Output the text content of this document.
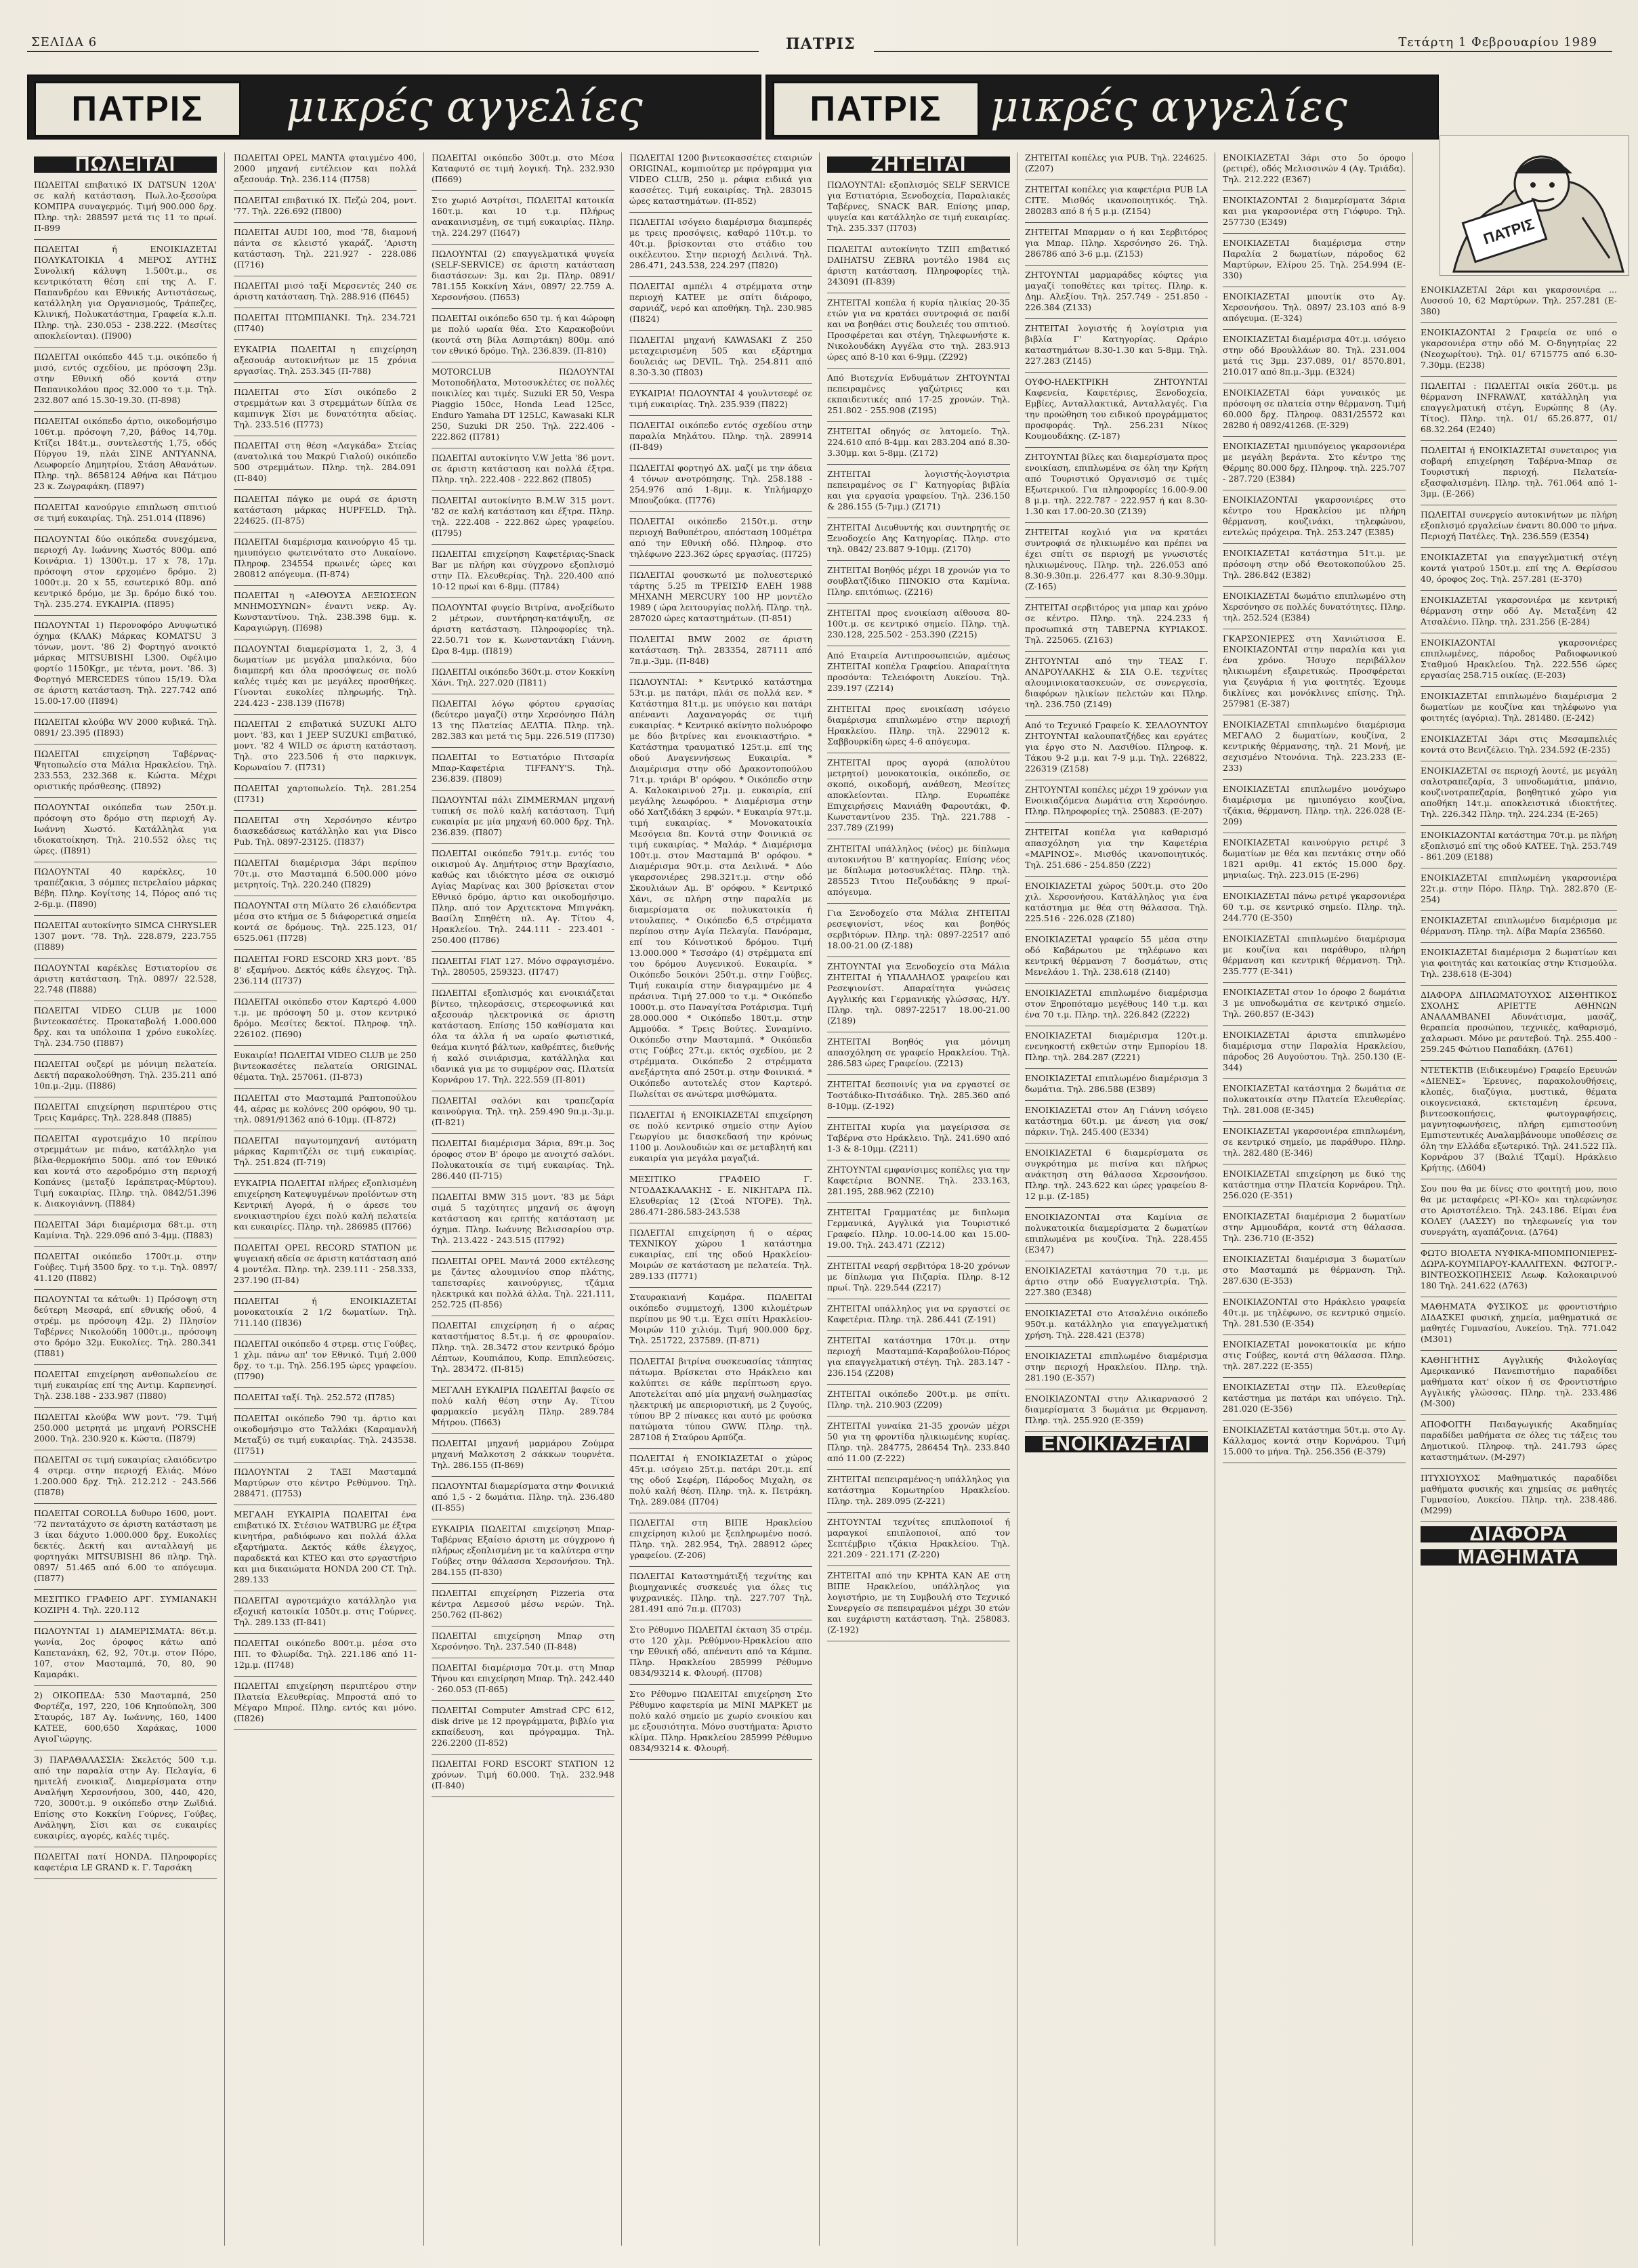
ΣΕΛΙΔΑ 6	ΠΑΤΡΙΣ	Τετάρτη 1 Φεβρουαρίου 1989
ΠΑΤΡΙΣ	μικρές αγγελίες	ΠΑΤΡΙΣ	μικρές αγγελίες
ΠΑΤΡΙΣ
ΠΩΛΕΙΤΑΙ

ΠΩΛΕΙΤΑΙ επιβατικό ΙΧ DATSUN 120A' σε καλή κατάσταση. Πωλ.λο-ξεσούρα ΚΟΜΠΡΑ συναγερμός. Τιμή 900.000 δρχ. Πληρ. τηλ: 288597 μετά τις 11 το πρωί. Π-899

ΠΩΛΕΙΤΑΙ ή ΕΝΟΙΚΙΑΖΕΤΑΙ ΠΟΛΥΚΑΤΟΙΚΙΑ 4 ΜΕΡΟΣ ΑΥΤΗΣ Συνολική κάλυψη 1.500τ.μ., σε κεντρικότατη θέση επί της Λ. Γ. Παπανδρέου και Εθνικής Αντιστάσεως, κατάλληλη για Οργανισμούς, Τράπεζες, Κλινική, Πολυκατάστημα, Γραφεία κ.λ.π. Πληρ. τηλ. 230.053 - 238.222. (Μεσίτες αποκλείονται). (Π900)

ΠΩΛΕΙΤΑΙ οικόπεδο 445 τ.μ. οικόπεδο ή μισό, εντός σχεδίου, με πρόσοψη 23μ. στην Εθνική οδό κοντά στην Παπανικολάου προς 32.000 το τ.μ. Τηλ. 232.807 από 15.30-19.30. (Π-898)

ΠΩΛΕΙΤΑΙ οικόπεδο άρτιο, οικοδομήσιμο 106τ.μ. πρόσοψη 7,20, βάθος 14,70μ. Κτίζει 184τ.μ., συντελεστής 1,75, οδός Πύργου 19, πλάι ΣΙΝΕ ΑΝΤΥΑΝΝΑ, Λεωφορείο Δημητρίου, Στάση Αθανάτων. Πληρ. τηλ. 8658124 Αθήνα και Πάτμου 23 κ. Ζωγραφάκη. (Π897)

ΠΩΛΕΙΤΑΙ κανούργιο επιπλωση σπιτιού σε τιμή ευκαιρίας. Τηλ. 251.014 (Π896)

ΠΩΛΟΥΝΤΑΙ δύο οικόπεδα συνεχόμενα, περιοχή Αγ. Ιωάννης Χωστός 800μ. από Κοινάρια. 1) 1300τ.μ. 17 x 78, 17μ. πρόσοψη στον ερχομένο δρόμο. 2) 1000τ.μ. 20 x 55, εσωτερικό 80μ. από κεντρικό δρόμο, με 3μ. δρόμο δικό του. Τηλ. 235.274. ΕΥΚΑΙΡΙΑ. (Π895)

ΠΩΛΟΥΝΤΑΙ 1) Περονοφόρο Ανυψωτικό όχημα (ΚΛΑΚ) Μάρκας KOMATSU 3 τόνων, μοντ. '86 2) Φορτηγό ανοικτό μάρκας MITSUBISHI L300. Οφέλιμο φορτίο 1150Kgr., με τέντα, μοντ. '86. 3) Φορτηγό MERCEDES τύπου 15/19. Όλα σε άριστη κατάσταση. Τηλ. 227.742 από 15.00-17.00 (Π894)

ΠΩΛΕΙΤΑΙ κλούβα WV 2000 κυβικά. Τηλ. 0891/ 23.395 (Π893)

ΠΩΛΕΙΤΑΙ επιχείρηση Ταβέρνας-Ψητοπωλείο στα Μάλια Ηρακλείου. Τηλ. 233.553, 232.368 κ. Κώστα. Μέχρι οριστικής πρόσθεσης. (Π892)

ΠΩΛΟΥΝΤΑΙ οικόπεδα των 250τ.μ. πρόσοψη στο δρόμο στη περιοχή Αγ. Ιωάννη Χωστό. Κατάλληλα για ιδιοκατοίκηση. Τηλ. 210.552 όλες τις ώρες. (Π891)

ΠΩΛΟΥΝΤΑΙ 40 καρέκλες, 10 τραπέζακια, 3 σόμπες πετρελαίου μάρκας Βέβη. Πληρ. Κογίτσης 14, Πόρος από τις 2-6μ.μ. (Π890)

ΠΩΛΕΙΤΑΙ αυτοκίνητο SIMCA CHRYSLER 1307 μοντ. '78. Τηλ. 228.879, 223.755 (Π889)

ΠΩΛΟΥΝΤΑΙ καρέκλες Εστιατορίου σε άριστη κατάσταση. Τηλ. 0897/ 22.528, 22.748 (Π888)

ΠΩΛΕΙΤΑΙ VIDEO CLUB με 1000 βιντεοκασέτες. Προκαταβολή 1.000.000 δρχ. και τα υπόλοιπα 1 χρόνο ευκολίες. Τηλ. 234.750 (Π887)

ΠΩΛΕΙΤΑΙ ουζερί με μόνιμη πελατεία. Δεκτή παρακολούθηση. Τηλ. 235.211 από 10π.μ.-2μμ. (Π886)

ΠΩΛΕΙΤΑΙ επιχείρηση περιπτέρου στις Τρεις Καμάρες. Τηλ. 228.848 (Π885)

ΠΩΛΕΙΤΑΙ αγροτεμάχιο 10 περίπου στρεμμάτων με πιάνο, κατάλληλο για βίλα-θερμοκήπιο 500μ. από τον Εθνικό και κοντά στο αεροδρόμιο στη περιοχή Κοπάνες (μεταξύ Ιεράπετρας-Μύρτου). Τιμή ευκαιρίας. Πληρ. τηλ. 0842/51.396 κ. Διακογιάννη. (Π884)

ΠΩΛΕΙΤΑΙ 3άρι διαμέρισμα 68τ.μ. στη Καμίνια. Τηλ. 229.096 από 3-4μμ. (Π883)

ΠΩΛΕΙΤΑΙ οικόπεδο 1700τ.μ. στην Γούβες. Τιμή 3500 δρχ. το τ.μ. Τηλ. 0897/ 41.120 (Π882)

ΠΩΛΟΥΝΤΑΙ τα κάτωθι: 1) Πρόσοψη στη δεύτερη Μεσαρά, επί εθνικής οδού, 4 στρέμ. με πρόσοψη 42μ. 2) Πλησίον Ταβέρνες Νικολούδη 1000τ.μ., πρόσοψη στο δρόμο 32μ. Ευκολίες. Τηλ. 280.341 (Π881)

ΠΩΛΕΙΤΑΙ επιχείρηση ανθοπωλείου σε τιμή ευκαιρίας επί της Αντιμ. Καρπενησί. Τηλ. 238.188 - 233.987 (Π880)

ΠΩΛΕΙΤΑΙ κλούβα WW μοντ. '79. Τιμή 250.000 μετρητά με μηχανή PORSCHE 2000. Τηλ. 230.920 κ. Κώστα. (Π879)

ΠΩΛΕΙΤΑΙ σε τιμή ευκαιρίας ελαιόδεντρο 4 στρεμ. στην περιοχή Ελιάς. Μόνο 1.200.000 δρχ. Τηλ. 212.212 - 243.566 (Π878)

ΠΩΛΕΙΤΑΙ COROLLA δυθυρο 1600, μοντ. '72 πεντατάχυτο σε άριστη κατάσταση με 3 ίκαι δάχυτο 1.000.000 δρχ. Ευκολίες δεκτές. Δεκτή και ανταλλαγή με φορτηγάκι MITSUBISHI 86 πληρ. Τηλ. 0897/ 51.465 από 6.00 το απόγευμα. (Π877)

ΜΕΣΙΤΙΚΟ ΓΡΑΦΕΙΟ ΑΡΓ. ΣΥΜΙΑΝΑΚΗ ΚΟΖΙΡΗ 4. Τηλ. 220.112

ΠΩΛΟΥΝΤΑΙ 1) ΔΙΑΜΕΡΙΣΜΑΤΑ: 86τ.μ. γωνία, 2ος όροφος κάτω από Καπετανάκη, 62, 92, 70τ.μ. στον Πόρο, 107, στον Μασταμπά, 70, 80, 90 Καμαράκι.

2) ΟΙΚΟΠΕΔΑ: 530 Μασταμπά, 250 Φορτέζα, 197, 220, 106 Κηπούπολη, 300 Σταυρός, 187 Αγ. Ιωάννης, 160, 1400 ΚΑΤΕΕ, 600,650 Χαράκας, 1000 ΑγιοΓιώργης.

3) ΠΑΡΑΘΑΛΑΣΣΙΑ: Σκελετός 500 τ.μ. από την παραλία στην Αγ. Πελαγία, 6 ημιτελή ενοικιαζ. Διαμερίσματα στην Αναλήψη Χερσονήσου, 300, 440, 420, 720, 3000τ.μ. 9 οικόπεδο στην Ζωϊδιά. Επίσης στο Κοκκίνη Γούρνες, Γούβες, Ανάληψη, Σίσι και σε ευκαιρίες ευκαιρίες, αγορές, καλές τιμές.

ΠΩΛΕΙΤΑΙ πατί HONDA. Πληροφορίες καφετέρια LE GRAND κ. Γ. Ταρσάκη

ΠΩΛΕΙΤΑΙ OPEL ΜΑΝΤΑ φταιγμένο 400, 2000 μηχανή εντέλειον και πολλά αξεσουάρ. Τηλ. 236.114 (Π758)

ΠΩΛΕΙΤΑΙ επιβατικό ΙΧ. Πεζώ 204, μοντ. '77. Τηλ. 226.692 (Π800)

ΠΩΛΕΙΤΑΙ AUDI 100, mod '78, διαμονή πάντα σε κλειστό γκαράζ. 'Αριστη κατάσταση. Τηλ. 221.927 - 228.086 (Π716)

ΠΩΛΕΙΤΑΙ μισό ταξί Μερσεντές 240 σε άριστη κατάσταση. Τηλ. 288.916 (Π645)

ΠΩΛΕΙΤΑΙ ΠΤΩΜΠΙΑΝΚΙ. Τηλ. 234.721 (Π740)

ΕΥΚΑΙΡΙΑ ΠΩΛΕΙΤΑΙ η επιχείρηση αξεσουάρ αυτοκινήτων με 15 χρόνια εργασίας. Τηλ. 253.345 (Π-788)

ΠΩΛΕΙΤΑΙ στο Σίσι οικόπεδο 2 στρεμμάτων και 3 στρεμμάτων δίπλα σε καμπινγκ Σίσι με δυνατότητα αδείας. Τηλ. 233.516 (Π773)

ΠΩΛΕΙΤΑΙ στη θέση «Λαγκάδα» Στείας (ανατολικά του Μακρύ Γιαλού) οικόπεδο 500 στρεμμάτων. Πληρ. τηλ. 284.091 (Π-840)

ΠΩΛΕΙΤΑΙ πάγκο με ουρά σε άριστη κατάσταση μάρκας HUPFELD. Τηλ. 224625. (Π-875)

ΠΩΛΕΙΤΑΙ διαμέρισμα καινούργιο 45 τμ. ημιυπόγειο φωτεινότατο στο Λυκαίονο. Πληροφ. 234554 πρωινές ώρες και 280812 απόγευμα. (Π-874)

ΠΩΛΕΙΤΑΙ η «ΑΙΘΟΥΣΑ ΔΕΞΙΩΣΕΩΝ ΜΝΗΜΟΣΥΝΩΝ» έναντι νεκρ. Αγ. Κωνσταντίνου. Τηλ. 238.398 6μμ. κ. Καραγιώργη. (Π698)

ΠΩΛΟΥΝΤΑΙ διαμερίσματα 1, 2, 3, 4 δωματίων με μεγάλα μπαλκόνια, δύο διαμπερή και όλα προσόψεως σε πολύ καλές τιμές και με μεγάλες προσθήκες. Γίνονται ευκολίες πληρωμής. Τηλ. 224.423 - 238.139 (Π678)

ΠΩΛΕΙΤΑΙ 2 επιβατικά SUZUKI ALTO μοντ. '83, και 1 JEEP SUZUKI επιβατικό, μοντ. '82 4 WILD σε άριστη κατάσταση. Τηλ. στο 223.506 ή στο παρκινγκ, Κορωναίου 7. (Π731)

ΠΩΛΕΙΤΑΙ χαρτοπωλείο. Τηλ. 281.254 (Π731)

ΠΩΛΕΙΤΑΙ στη Χερσόνησο κέντρο διασκεδάσεως κατάλληλο και για Disco Pub. Τηλ. 0897-23125. (Π837)

ΠΩΛΕΙΤΑΙ διαμέρισμα 3άρι περίπου 70τ.μ. στο Μασταμπά 6.500.000 μόνο μετρητοίς. Τηλ. 220.240 (Π829)

ΠΩΛΟΥΝΤΑΙ στη Μίλατο 26 ελαιόδεντρα μέσα στο κτήμα σε 5 διάφορετικά σημεία κοντά σε δρόμους. Τηλ. 225.123, 01/ 6525.061 (Π728)

ΠΩΛΕΙΤΑΙ FORD ESCORD XR3 μοντ. '85 8' εξαμήνου. Δεκτός κάθε έλεγχος. Τηλ. 236.114 (Π737)

ΠΩΛΕΙΤΑΙ οικόπεδο στον Καρτερό 4.000 τ.μ. με πρόσοψη 50 μ. στον κεντρικό δρόμο. Μεσίτες δεκτοί. Πληροφ. τηλ. 226102. (Π690)

Ευκαιρία! ΠΩΛΕΙΤΑΙ VIDEO CLUB με 250 βιντεοκασέτες πελατεία ORIGINAL θέματα. Τηλ. 257061. (Π-873)

ΠΩΛΕΙΤΑΙ στο Μασταμπά Ραπτοπούλου 44, αέρας με κολόνες 200 ορόφου, 90 τμ. τηλ. 0891/91362 από 6-10μμ. (Π-872)

ΠΩΛΕΙΤΑΙ παγωτομηχανή αυτόματη μάρκας Καρπιτζέλι σε τιμή ευκαιρίας. Τηλ. 251.824 (Π-719)

ΕΥΚΑΙΡΙΑ ΠΩΛΕΙΤΑΙ πλήρες εξοπλισμένη επιχείρηση Κατεψυγμένων προϊόντων στη Κεντρική Αγορά, ή ο άρεσε του ενοικιαστηρίου έχει πολύ καλή πελατεία και ευκαιρίες. Πληρ. τηλ. 286985 (Π766)

ΠΩΛΕΙΤΑΙ OPEL RECORD STATION με ψυγειακή αδεία σε άριστη κατάσταση από 4 μοντέλα. Πληρ. τηλ. 239.111 - 258.333, 237.190 (Π-84)

ΠΩΛΕΙΤΑΙ ή ΕΝΟΙΚΙΑΖΕΤΑΙ μονοκατοικία 2 1/2 δωματίων. Τηλ. 711.140 (Π836)

ΠΩΛΕΙΤΑΙ οικόπεδο 4 στρεμ. στις Γούβες, 1 χλμ. πάνω απ' τον Εθνικό. Τιμή 2.000 δρχ. το τ.μ. Τηλ. 256.195 ώρες γραφείου. (Π790)

ΠΩΛΕΙΤΑΙ ταξί. Τηλ. 252.572 (Π785)

ΠΩΛΕΙΤΑΙ οικόπεδο 790 τμ. άρτιο και οικοδομήσιμο στο Ταλλάκι (Καραμανλή Μεταξύ) σε τιμή ευκαιρίας. Τηλ. 243538. (Π751)

ΠΩΛΟΥΝΤΑΙ 2 ΤΑΞΙ Μασταμπά Μαρτύρων στο κέντρο Ρεθύμνου. Τηλ. 288471. (Π753)

ΜΕΓΑΛΗ ΕΥΚΑΙΡΙΑ ΠΩΛΕΙΤΑΙ ένα επιβατικό ΙΧ. Στέσιον WATBURG με έξτρα κινητήρα, ραδιόφωνο και πολλά άλλα εξαρτήματα. Δεκτός κάθε έλεγχος, παραδεκτά και ΚΤΕΟ και στο εργαστήριο και μια δικαιώματα HONDA 200 CT. Τηλ. 289.133

ΠΩΛΕΙΤΑΙ αγροτεμάχιο κατάλληλο για εξοχική κατοικία 1050τ.μ. στις Γούρνες. Τηλ. 289.133 (Π-841)

ΠΩΛΕΙΤΑΙ οικόπεδο 800τ.μ. μέσα στο ΠΠ. το Φλωρίδα. Τηλ. 221.186 από 11-12μ.μ. (Π748)

ΠΩΛΕΙΤΑΙ επιχείρηση περιπτέρου στην Πλατεία Ελευθερίας. Μπροστά από το Μέγαρο Μπροέ. Πληρ. εντός και μόνο. (Π826)

ΠΩΛΕΙΤΑΙ οικόπεδο 300τ.μ. στο Μέσα Καταφυτό σε τιμή λογική. Τηλ. 232.930 (Π669)

Στο χωριό Αστρίτσι, ΠΩΛΕΙΤΑΙ κατοικία 160τ.μ. και 10 τ.μ. Πλήρως ανακαινισμένη, σε τιμή ευκαιρίας. Πληρ. τηλ. 224.297 (Π647)

ΠΩΛΟΥΝΤΑΙ (2) επαγγελματικά ψυγεία (SELF-SERVICE) σε άριστη κατάσταση διαστάσεων: 3μ. και 2μ. Πληρ. 0891/ 781.155 Κοκκίνη Χάνι, 0897/ 22.759 Α. Χερσονήσου. (Π653)

ΠΩΛΕΙΤΑΙ οικόπεδο 650 τμ. ή και 4ώροφη με πολύ ωραία θέα. Στο Καρακοβούνι (κοντά στη βίλα Ασπιρτάκη) 800μ. από τον εθνικό δρόμο. Τηλ. 236.839. (Π-810)

MOTORCLUB ΠΩΛΟΥΝΤΑΙ Μοτοποδήλατα, Μοτοσυκλέτες σε πολλές ποικιλίες και τιμές. Suzuki ER 50, Vespa Piaggio 150cc, Honda Lead 125cc, Enduro Yamaha DT 125LC, Kawasaki KLR 250, Suzuki DR 250. Τηλ. 222.406 - 222.862 (Π781)

ΠΩΛΕΙΤΑΙ αυτοκίνητο V.W Jetta '86 μοντ. σε άριστη κατάσταση και πολλά έξτρα. Πληρ. τηλ. 222.408 - 222.862 (Π805)

ΠΩΛΕΙΤΑΙ αυτοκίνητο B.M.W 315 μοντ. '82 σε καλή κατάσταση και έξτρα. Πληρ. τηλ. 222.408 - 222.862 ώρες γραφείου. (Π795)

ΠΩΛΕΙΤΑΙ επιχείρηση Καφετέριας-Snack Bar με πλήρη και σύγχρονο εξοπλισμό στην Πλ. Ελευθερίας. Τηλ. 220.400 από 10-12 πρωί και 6-8μμ. (Π784)

ΠΩΛΟΥΝΤΑΙ φυγείο Βιτρίνα, ανοξείδωτο 2 μέτρων, συντήρηση-κατάψυξη, σε άριστη κατάσταση. Πληροφορίες τηλ. 22.50.71 τον κ. Κωνσταντάκη Γιάννη. Ώρα 8-4μμ. (Π819)

ΠΩΛΕΙΤΑΙ οικόπεδο 360τ.μ. στον Κοκκίνη Χάνι. Τηλ. 227.020 (Π811)

ΠΩΛΕΙΤΑΙ λόγω φόρτου εργασίας (δεύτερο μαγαζί) στην Χερσόνησο Πάλη 13 της Πλατείας ΔΕΛΤΙΑ. Πληρ. τηλ. 282.383 και μετά τις 5μμ. 226.519 (Π730)

ΠΩΛΕΙΤΑΙ το Εστιατόριο Πιτσαρία Μπαρ-Καφετέρια TIFFANY'S. Τηλ. 236.839. (Π809)

ΠΩΛΟΥΝΤΑΙ πάλι ZIMMERMAN μηχανή τυπική σε πολύ καλή κατάσταση. Τιμή ευκαιρία με μία μηχανή 60.000 δρχ. Τηλ. 236.839. (Π807)

ΠΩΛΕΙΤΑΙ οικόπεδο 791τ.μ. εντός του οικισμού Αγ. Δημήτριος στην Βραχίασιο, καθώς και ιδιόκτητο μέσα σε οικισμό Αγίας Μαρίνας και 300 βρίσκεται στον Εθνικό δρόμο, άρτιο και οικοδομήσιμο. Πληρ. από τον Αρχιτεκτονα Μπιγνάκη. Βασίλη Σπηθέτη πλ. Αγ. Τίτου 4, Ηρακλείου. Τηλ. 244.111 - 223.401 - 250.400 (Π786)

ΠΩΛΕΙΤΑΙ FIAT 127. Μόνο σφραγισμένο. Τηλ. 280505, 259323. (Π747)

ΠΩΛΕΙΤΑΙ εξοπλισμός και ενοικιάζεται βίντεο, τηλεοράσεις, στερεοφωνικά και αξεσουάρ ηλεκτρονικά σε άριστη κατάσταση. Επίσης 150 καθίσματα και όλα τα άλλα ή να ωραίο φωτιστικά, θεάμα κινητό βάλτων, καθρέπτες, διεθνής ή καλό σινιάρισμα, κατάλληλα και ιδανικά για με το συμφέρον σας. Πλατεία Κορνάρου 17. Τηλ. 222.559 (Π-801)

ΠΩΛΕΙΤΑΙ σαλόνι και τραπεζαρία καινούργια. Τηλ. τηλ. 259.490 9π.μ.-3μ.μ. (Π-821)

ΠΩΛΕΙΤΑΙ διαμέρισμα 3άρια, 89τ.μ. 3ος όροφος στον Β' όροφο με ανοιχτό σαλόνι. Πολυκατοικία σε τιμή ευκαιρίας. Τηλ. 286.440 (Π-715)

ΠΩΛΕΙΤΑΙ BMW 315 μοντ. '83 με 5άρι σιμά 5 ταχύτητες μηχανή σε άψογη κατάσταση και ερπτής κατάσταση με όχημα. Πληρ. Ιωάννης Βελισσαρίου στρ. Τηλ. 213.422 - 243.515 (Π792)

ΠΩΛΕΙΤΑΙ OPEL Μαντά 2000 εκτέλεσης με ζάντες αλουμινίου σπορ πλάτης, ταπετσαρίες καινούργιες, τζάμια ηλεκτρικά και πολλά άλλα. Τηλ. 221.111, 252.725 (Π-856)

ΠΩΛΕΙΤΑΙ επιχείρηση ή ο αέρας καταστήματος 8.5τ.μ. ή σε φρουραίον. Πληρ. τηλ. 28.3472 στον κεντρικό δρόμο Λέπτων, Κουπιάπου, Κυπρ. Επιπλεύσεις. Τηλ. 283472. (Π-815)

ΜΕΓΑΛΗ ΕΥΚΑΙΡΙΑ ΠΩΛΕΙΤΑΙ βαφείο σε πολύ καλή θέση στην Αγ. Τίτου φαρμακείο μεγάλη Πληρ. 289.784 Μήτρου. (Π663)

ΠΩΛΕΙΤΑΙ μηχανή μαρμάρου Ζούμρα μηχανή Μαλκοτση 2 σάκκων τουρνέτα. Τηλ. 286.155 (Π-869)

ΠΩΛΟΥΝΤΑΙ διαμερίσματα στην Φοινικιά από 1,5 - 2 δωμάτια. Πληρ. τηλ. 236.480 (Π-855)

ΕΥΚΑΙΡΙΑ ΠΩΛΕΙΤΑΙ επιχείρηση Μπαρ-Ταβέρνας Εξαίσιο άριστη με σύγχρονο ή πλήρως εξοπλισμένη με τα καλύτερα στην Γούβες στην θάλασσα Χερσονήσου. Τηλ. 284.155 (Π-830)

ΠΩΛΕΙΤΑΙ επιχείρηση Pizzeria στα κέντρα Λεμεσού μέσω νερών. Τηλ. 250.762 (Π-862)

ΠΩΛΕΙΤΑΙ επιχείρηση Μπαρ στη Χερσόνησο. Τηλ. 237.540 (Π-848)

ΠΩΛΕΙΤΑΙ διαμέρισμα 70τ.μ. στη Μπαρ Τήνου και επιχείρηση Μπαρ. Τηλ. 242.440 - 260.053 (Π-865)

ΠΩΛΕΙΤΑΙ Computer Amstrad CPC 612, disk drive με 12 προγράμματα, βιβλίο για εκπαίδευση, και πρόγραμμα. Τηλ. 226.2200 (Π-852)

ΠΩΛΕΙΤΑΙ FORD ESCORT STATION 12 χρόνων. Τιμή 60.000. Τηλ. 232.948 (Π-840)

ΠΩΛΕΙΤΑΙ 1200 βιντεοκασσέτες εταιριών ORIGINAL, κομπιούτερ με πρόγραμμα για VIDEO CLUB, 250 μ. ράφια ειδικά για κασσέτες. Τιμή ευκαιρίας. Τηλ. 283015 ώρες καταστημάτων. (Π-852)

ΠΩΛΕΙΤΑΙ ισόγειο διαμέρισμα διαμπερές με τρεις προσόψεις, καθαρό 110τ.μ. το 40τ.μ. βρίσκονται στο στάδιο του οικέλευτου. Στην περιοχή Δειλινά. Τηλ. 286.471, 243.538, 224.297 (Π820)

ΠΩΛΕΙΤΑΙ αμπέλι 4 στρέμματα στην περιοχή ΚΑΤΕΕ με σπίτι διάροφο, σαρνιάζ, νερό και αποθήκη. Τηλ. 230.985 (Π824)

ΠΩΛΕΙΤΑΙ μηχανή KAWASAKI Z 250 μεταχειρισμένη 505 και εξάρτημα δουλειάς ως DEVIL. Τηλ. 254.811 από 8.30-3.30 (Π803)

ΕΥΚΑΙΡΙΑ! ΠΩΛΟΥΝΤΑΙ 4 γουλντσεφέ σε τιμή ευκαιρίας. Τηλ. 235.939 (Π822)

ΠΩΛΕΙΤΑΙ οικόπεδο εντός σχεδίου στην παραλία Μηλάτου. Πληρ. τηλ. 289914 (Π-849)

ΠΩΛΕΙΤΑΙ φορτηγό ΔΧ. μαζί με την άδεια 4 τόνων ανοτρόπησης. Τηλ. 258.188 - 254.976 από 1-8μμ. κ. Υπλήμαρχο Μπουζούκα. (Π776)

ΠΩΛΕΙΤΑΙ οικόπεδο 2150τ.μ. στην περιοχή Βαθυπέτρου, απόσταση 100μέτρα από την Εθνική οδό. Πληροφ. στο τηλέφωνο 223.362 ώρες εργασίας. (Π725)

ΠΩΛΕΙΤΑΙ φουσκωτό με πολυεστερικό τάρτης 5.25 m ΤΡΕΙΣΙΦ ΕΛΕΗ 1988 ΜΗΧΑΝΗ MERCURY 100 HP μοντέλο 1989 ( ώρα λειτουργίας πολλή. Πληρ. τηλ. 287020 ώρες καταστημάτων. (Π-851)

ΠΩΛΕΙΤΑΙ BMW 2002 σε άριστη κατάσταση. Τηλ. 283354, 287111 από 7π.μ.-3μμ. (Π-848)

ΠΩΛΟΥΝΤΑΙ: * Κεντρικό κατάστημα 53τ.μ. με πατάρι, πλάι σε πολλά κεν. * Κατάστημα 81τ.μ. με υπόγειο και πατάρι απέναντι Λαχαναγοράς σε τιμή ευκαιρίας. * Κεντρικό ακίνητο πολυόροφο με δύο βιτρίνες και ενοικιαστήριο. * Κατάστημα τραυματικό 125τ.μ. επί της οδού Αναγεννήσεως Ευκαιρία. * Διαμέρισμα στην οδό Δρακοντοπούλου 71τ.μ. τριάρι Β' ορόφου. * Οικόπεδο στην Α. Καλοκαιρινού 27μ. μ. ευκαιρία, επί μεγάλης λεωφόρου. * Διαμέρισμα στην οδό Χατζιδάκη 3 ερφών. * Ευκαιρία 97τ.μ. τιμή ευκαιρίας. * Μονοκατοικία Μεσόγεια 8π. Κοντά στην Φοινικιά σε τιμή ευκαιρίας. * Μαλάρ. * Διαμέρισμα 100τ.μ. στον Μασταμπά Β' ορόφου. * Διαμέρισμα 90τ.μ. στα Δειλινά. * Δύο γκαρσονιέρες 298.321τ.μ. στην οδό Σκουλιάων Αμ. Β' ορόφου. * Κεντρικό Χάνι, σε πλήρη στην παραλία με διαμερίσματα σε πολυκατοικία ή ντουλαπες. * Οικόπεδο 6,5 στρέμματα περίπου στην Αγία Πελαγία. Πανόραμα, επί του Κόινοτικού δρόμου. Τιμή 13.000.000 * Τεσσάρο (4) στρέμματα επί του δρόμου Αυγενικού. Ευκαιρία. * Οικόπεδο 5οικόνι 250τ.μ. στην Γούβες. Τιμή ευκαιρία στην διαγραμμένο με 4 πράσινα. Τιμή 27.000 το τ.μ. * Οικόπεδο 1000τ.μ. στο Παναγίτσα Ροτάρισμα. Τιμή 28.000.000 * Οικόπεδο 180τ.μ. στην Αμμούδα. * Τρεις Βούτες. Συναμίνιο. Οικόπεδο στην Μασταμπά. * Οικόπεδα στις Γούβες 27τ.μ. εκτός σχεδίου, με 2 στρέμματα. Οικόπεδο 2 στρέμματα ανεξάρτητα από 250τ.μ. στην Φοινικιά. * Οικόπεδο αυτοτελές στον Καρτερό. Πωλείται σε ανώτερα μισθώματα.

ΠΩΛΕΙΤΑΙ ή ΕΝΟΙΚΙΑΖΕΤΑΙ επιχείρηση σε πολύ κεντρικό σημείο στην Αγίου Γεωργίου με διασκεδασή την κρόνως 1100 μ. Λουλουδιών και σε μεταβλητή και ευκαιρία για μεγάλα μαγαζιά.

ΜΕΣΙΤΙΚΟ ΓΡΑΦΕΙΟ Γ. ΝΤΟΔΑΣΚΑΛΑΚΗΣ - Ε. ΝΙΚΗΤΑΡΑ Πλ. Ελευθερίας 12 (Στοά ΝΤΟΡΕ). Τηλ. 286.471-286.583-243.538

ΠΩΛΕΙΤΑΙ επιχείρηση ή ο αέρας ΤΕΧΝΙΚΟΥ χώρου 1 κατάστημα ευκαιρίας, επί της οδού Ηρακλείου-Μοιρών σε κατάσταση με πελατεία. Τηλ. 289.133 (Π771)

Σταυρακιανή Καμάρα. ΠΩΛΕΙΤΑΙ οικόπεδο συμμετοχή, 1300 κιλομέτρων περίπου με 90 τ.μ. Έχει σπίτι Ηρακλείου-Μοιρών 110 χιλιόμ. Τιμή 900.000 δρχ. Τηλ. 251722, 237589. (Π-871)

ΠΩΛΕΙΤΑΙ βιτρίνα συσκευασίας τάπητας πάτωμα. Βρίσκεται στο Ηράκλειο και καλύπτει σε κάθε περίπτωση εργο. Αποτελείται από μία μηχανή σωλημασίας ηλεκτρική με απεριοριστική, με 2 ζυγούς, τύπου BP 2 πίνακες και αυτό με φούσκα πατώματα τύπου GWW. Πληρ. τηλ. 287108 ή Σταύρου Αρπύζα.

ΠΩΛΕΙΤΑΙ ή ΕΝΟΙΚΙΑΖΕΤΑΙ ο χώρος 45τ.μ. ισόγειο 25τ.μ. πατάρι 20τ.μ. επί της οδού Σεφέρη, Πάροδος Μιχαλη, σε πολύ καλή θέση. Πληρ. τηλ. κ. Πετράκη. Τηλ. 289.084 (Π704)

ΠΩΛΕΙΤΑΙ στη ΒΙΠΕ Ηρακλείου επιχείρηση κιλού με ξεπληρωμένο ποσό. Πληρ. τηλ. 282.954, Τηλ. 288912 ώρες γραφείου. (Z-206)

ΠΩΛΕΙΤΑΙ Καταστημάτιξή τεχνίτης και βιομηχανικές συσκευές για όλες τις ψυχρανικές. Πληρ. τηλ. 227.707 Τηλ. 281.491 από 7π.μ. (Π703)

Στο Ρέθυμνο ΠΩΛΕΙΤΑΙ έκταση 35 στρέμ. στο 120 χλμ. Ρεθύμνου-Ηρακλείου απο την Εθνική οδό, απέναντι από τα Κάμπα. Πληρ. Ηρακλείου 285999 Ρέθυμνο 0834/93214 κ. Φλουρή. (Π708)

Στο Ρέθυμνο ΠΩΛΕΙΤΑΙ επιχείρηση Στο Ρέθυμνο καφετερία με ΜΙΝΙ ΜΑΡΚΕΤ με πολύ καλό σημείο με χωρίο ενοικίου και με εξουσιότητα. Μόνο συστήματα: Άριστο κλίμα. Πληρ. Ηρακλείου 285999 Ρέθυμνο 0834/93214 κ. Φλουρή.

ΖΗΤΕΙΤΑΙ

ΠΩΛΟΥΝΤΑΙ: εξοπλισμός SELF SERVICE για Εστιατόρια, Ξενοδοχεία, Παραλιακές Ταβέρνες, SNACK BAR. Επίσης μπαρ, ψυγεία και κατάλληλο σε τιμή ευκαιρίας. Τηλ. 235.337 (Π703)

ΠΩΛΕΙΤΑΙ αυτοκίνητο ΤΖΙΠ επιβατικό DAIHATSU ZEBRA μοντέλο 1984 εις άριστη κατάσταση. Πληροφορίες τηλ. 243091 (Π-839)

ΖΗΤΕΙΤΑΙ κοπέλα ή κυρία ηλικίας 20-35 ετών για να κρατάει συντροφιά σε παιδί και να βοηθάει στις δουλειές του σπιτιού. Προσφέρεται και στέγη, Τηλεφωνήστε κ. Νικολουδάκη Αγγέλα στο τηλ. 283.913 ώρες από 8-10 και 6-9μμ. (Z292)

Από Βιοτεχνία Ενδυμάτων ΖΗΤΟΥΝΤΑΙ πεπειραμένες γαζώτριες και εκπαιδευτικές από 17-25 χρονών. Τηλ. 251.802 - 255.908 (Z195)

ΖΗΤΕΙΤΑΙ οδηγός σε λατομείο. Τηλ. 224.610 από 8-4μμ. και 283.204 από 8.30-3.30μμ. και 5-8μμ. (Z172)

ΖΗΤΕΙΤΑΙ λογιστής-λογιστρια πεπειραμένος σε Γ' Κατηγορίας βιβλία και για εργασία γραφείου. Τηλ. 236.150 & 286.155 (5-7μμ.) (Z171)

ΖΗΤΕΙΤΑΙ Διευθυντής και συντηρητής σε Ξενοδοχείο Αης Κατηγορίας. Πληρ. στο τηλ. 0842/ 23.887 9-10μμ. (Z170)

ΖΗΤΕΙΤΑΙ Βοηθός μέχρι 18 χρονών για το σουβλατζίδικο ΠΙΝΟΚΙΟ στα Καμίνια. Πληρ. επιτόπιως. (Z216)

ΖΗΤΕΙΤΑΙ προς ενοικίαση αίθουσα 80-100τ.μ. σε κεντρικό σημείο. Πληρ. τηλ. 230.128, 225.502 - 253.390 (Z215)

Από Εταιρεία Αντιπροσωπειών, αμέσως ΖΗΤΕΙΤΑΙ κοπέλα Γραφείου. Απαραίτητα προσόντα: Τελειόφοιτη Λυκείου. Τηλ. 239.197 (Z214)

ΖΗΤΕΙΤΑΙ προς ενοικίαση ισόγειο διαμέρισμα επιπλωμένο στην περιοχή Ηρακλείου. Πληρ. τηλ. 229012 κ. Σαββουρκίδη ώρες 4-6 απόγευμα.

ΖΗΤΕΙΤΑΙ προς αγορά (απολύτου μετρητοί) μονοκατοικία, οικόπεδο, σε σκοπό, οικοδομή, ανάθεση, Μεσίτες αποκλείονται. Πληρ. Ευρωπέκε Επιχειρήσεις Μανιάθη Φαρουτάκι, Φ. Κωνσταντίνου 235. Τηλ. 221.788 - 237.789 (Z199)

ΖΗΤΕΙΤΑΙ υπάλληλος (νέος) με δίπλωμα αυτοκινήτου Β' κατηγορίας. Επίσης νέος με δίπλωμα μοτοσυκλέτας. Πληρ. τηλ. 285523 Τιτου Πεζουδάκης 9 πρωί-απόγευμα.

Για Ξενοδοχείο στα Μάλια ΖΗΤΕΙΤΑΙ ρεσεψιονίστ, νέος και βοηθός σερβιτόρων. Πληρ. τηλ: 0897-22517 από 18.00-21.00 (Z-188)

ΖΗΤΟΥΝΤΑΙ για Ξενοδοχείο στα Μάλια ΖΗΤΕΙΤΑΙ ή ΥΠΑΛΛΗΛΟΣ γραφείου και Ρεσεψιονίστ. Απαραίτητα γνώσεις Αγγλικής και Γερμανικής γλώσσας, Η/Υ. Πληρ. τηλ. 0897-22517 18.00-21.00 (Z189)

ΖΗΤΕΙΤΑΙ Βοηθός για μόνιμη απασχόληση σε γραφείο Ηρακλείου. Τηλ. 286.583 ώρες Γραφείου. (Z213)

ΖΗΤΕΙΤΑΙ δεσποινίς για να εργαστεί σε Τοστάδικο-Πιτσάδικο. Τηλ. 285.360 από 8-10μμ. (Z-192)

ΖΗΤΕΙΤΑΙ κυρία για μαγείρισσα σε Ταβέρνα στο Ηράκλειο. Τηλ. 241.690 από 1-3 & 8-10μμ. (Z211)

ΖΗΤΟΥΝΤΑΙ εμφανίσιμες κοπέλες για την Καφετέρια ΒΟΝΝΕ. Τηλ. 233.163, 281.195, 288.962 (Z210)

ΖΗΤΕΙΤΑΙ Γραμματέας με διπλωμα Γερμανικά, Αγγλικά για Τουριστικό Γραφείο. Πληρ. 10.00-14.00 και 15.00-19.00. Τηλ. 243.471 (Z212)

ΖΗΤΕΙΤΑΙ νεαρή σερβιτόρα 18-20 χρόνων με δίπλωμα για Πιζαρία. Πληρ. 8-12 πρωί. Τηλ. 229.544 (Z217)

ΖΗΤΕΙΤΑΙ υπάλληλος για να εργαστεί σε Καφετέρια. Πληρ. τηλ. 286.441 (Z-191)

ΖΗΤΕΙΤΑΙ κατάστημα 170τ.μ. στην περιοχή Μασταμπά-Καραβούλου-Πόρος για επαγγελματική στέγη. Τηλ. 283.147 - 236.154 (Z208)

ΖΗΤΕΙΤΑΙ οικόπεδο 200τ.μ. με σπίτι. Πληρ. τηλ. 210.903 (Z209)

ΖΗΤΕΙΤΑΙ γυναίκα 21-35 χρονών μέχρι 50 για τη φροντίδα ηλικιωμένης κυρίας. Πληρ. τηλ. 284775, 286454 Τηλ. 233.840 από 11.00 (Z-222)

ΖΗΤΕΙΤΑΙ πεπειραμένος-η υπάλληλος για κατάστημα Κομωτηρίου Ηρακλείου. Πληρ. τηλ. 289.095 (Z-221)

ΖΗΤΟΥΝΤΑΙ τεχνίτες επιπλοποιοί ή μαραγκοί επιπλοποιοί, από τον Σεπτέμβριο τζάκια Ηρακλείου. Τηλ. 221.209 - 221.171 (Z-220)

ΖΗΤΕΙΤΑΙ από την ΚΡΗΤΑ ΚΑΝ ΑΕ στη ΒΙΠΕ Ηρακλείου, υπάλληλος για λογιστήριο, με τη Συμβουλή στο Τεχνικό Συνεργείο σε πεπειραμένοι μέχρι 30 ετών και ευχάριστη κατάσταση. Τηλ. 258083. (Z-192)

ΖΗΤΕΙΤΑΙ κοπέλες για PUB. Τηλ. 224625. (Z207)

ΖΗΤΕΙΤΑΙ κοπέλες για καφετέρια PUB LA CITE. Μισθός ικανοποιητικός. Τηλ. 280283 από 8 ή 5 μ.μ. (Z154)

ΖΗΤΕΙΤΑΙ Μπαρμαν ο ή και Σερβιτόρος για Μπαρ. Πληρ. Χερσόνησο 26. Τηλ. 286786 από 3-6 μ.μ. (Z153)

ΖΗΤΟΥΝΤΑΙ μαρμαράδες κόφτες για μαγαζί τοποθέτες και τρίτες. Πληρ. κ. Δημ. Αλεξίου. Τηλ. 257.749 - 251.850 - 226.384 (Z133)

ΖΗΤΕΙΤΑΙ λογιστής ή λογίστρια για βιβλία Γ' Κατηγορίας. Ωράριο καταστημάτων 8.30-1.30 και 5-8μμ. Τηλ. 227.283 (Z145)

ΟΥΦΟ-ΗΛΕΚΤΡΙΚΗ ΖΗΤΟΥΝΤΑΙ Καφενεία, Καφετέριες, Ξενοδοχεία, Εμβίες, Ανταλλακτικά, Ανταλλαγές. Για την προώθηση του ειδικού προγράμματος προσφοράς. Τηλ. 256.231 Νίκος Κουμουδάκης. (Z-187)

ΖΗΤΟΥΝΤΑΙ βίλες και διαμερίσματα προς ενοικίαση, επιπλωμένα σε όλη την Κρήτη από Τουριστικό Οργανισμό σε τιμές Εξωτερικού. Για πληροφορίες 16.00-9.00 8 μ.μ. τηλ. 222.787 - 222.957 ή και 8.30-1.30 και 17.00-20.30 (Z139)

ΖΗΤΕΙΤΑΙ κοχλιό για να κρατάει συντροφιά σε ηλικιωμένο και πρέπει να έχει σπίτι σε περιοχή με γνωσιστές ηλικιωμένους. Πληρ. τηλ. 226.053 από 8.30-9.30π.μ. 226.477 και 8.30-9.30μμ. (Z-165)

ΖΗΤΕΙΤΑΙ σερβιτόρος για μπαρ και χρόνο σε κέντρο. Πληρ. τηλ. 224.233 ή προσωπικά στη ΤΑΒΕΡΝΑ ΚΥΡΙΑΚΟΣ. Τηλ. 225065. (Z163)

ΖΗΤΟΥΝΤΑΙ από την ΤΕΑΣ Γ. ΑΝΔΡΟΥΛΑΚΗΣ & ΣΙΑ Ο.Ε. τεχνίτες αλουμινιοκατασκευών, σε συνεργεσία, διαφόρων ηλικίων πελετών και Πληρ. τηλ. 236.750 (Z149)

Από το Τεχνικό Γραφείο Κ. ΣΕΛΛΟΥΝΤΟΥ ΖΗΤΟΥΝΤΑΙ καλουπατζήδες και εργάτες για έργο στο Ν. Λασιθίου. Πληροφ. κ. Τάκου 9-2 μ.μ. και 7-9 μ.μ. Τηλ. 226822, 226319 (Z158)

ΖΗΤΟΥΝΤΑΙ κοπέλες μέχρι 19 χρόνων για Ενοικιαζόμενα Δωμάτια στη Χερσόνησο. Πληρ. Πληροφορίες τηλ. 250883. (E-207)

ΖΗΤΕΙΤΑΙ κοπέλα για καθαρισμό απασχόληση για την Καφετέρια «ΜΑΡΙΝΟΣ». Μισθός ικανοποιητικός. Τηλ. 251.686 - 254.850 (Z22)

ΕΝΟΙΚΙΑΖΕΤΑΙ χώρος 500τ.μ. στο 20ο χιλ. Χερσονήσου. Κατάλληλος για ένα κατάστημα με θέα στη θάλασσα. Τηλ. 225.516 - 226.028 (Z180)

ΕΝΟΙΚΙΑΖΕΤΑΙ γραφείο 55 μέσα στην οδό Καβάρωτου με τηλέφωνο και κεντρική θέρμανση 7 δοσμάτων, στις Μενελάου 1. Τηλ. 238.618 (Z140)

ΕΝΟΙΚΙΑΖΕΤΑΙ επιπλωμένο διαμέρισμα στον Ξηροπόταμο μεγέθους 140 τ.μ. και ένα 70 τ.μ. Πληρ. τηλ. 226.842 (Z222)

ΕΝΟΙΚΙΑΖΕΤΑΙ διαμέρισμα 120τ.μ. ενενηκοστή εκθετών στην Εμπορίου 18. Πληρ. τηλ. 284.287 (Z221)

ΕΝΟΙΚΙΑΖΕΤΑΙ επιπλωμένο διαμέρισμα 3 δωμάτια. Τηλ. 286.588 (E389)

ΕΝΟΙΚΙΑΖΕΤΑΙ στον Αη Γιάννη ισόγειο κατάστημα 60τ.μ. με άνεση για σοκ/πάρκιν. Τηλ. 245.400 (E334)

ΕΝΟΙΚΙΑΖΕΤΑΙ 6 διαμερίσματα σε συγκρότημα με πισίνα και πλήρως ανάκτηση στη θάλασσα Χερσονήσου. Πληρ. τηλ. 243.622 και ώρες γραφείου 8-12 μ.μ. (Z-185)

ΕΝΟΙΚΙΑΖΟΝΤΑΙ στα Καμίνια σε πολυκατοικία διαμερίσματα 2 δωματίων επιπλωμένα με κουζίνα. Τηλ. 228.455 (E347)

ΕΝΟΙΚΙΑΖΕΤΑΙ κατάστημα 70 τ.μ. με άρτιο στην οδό Ευαγγελιστρία. Τηλ. 227.380 (E348)

ΕΝΟΙΚΙΑΖΕΤΑΙ στο Ατσαλένιο οικόπεδο 950τ.μ. κατάλληλο για επαγγελματική χρήση. Τηλ. 228.421 (E378)

ΕΝΟΙΚΙΑΖΕΤΑΙ επιπλωμένο διαμέρισμα στην περιοχή Ηρακλείου. Πληρ. τηλ. 281.190 (E-357)

ΕΝΟΙΚΙΑΖΟΝΤΑΙ στην Αλικαρνασσό 2 διαμερίσματα 3 δωμάτια με Θερμανση. Πληρ. τηλ. 255.920 (E-359)

ΕΝΟΙΚΙΑΖΕΤΑΙ

ΕΝΟΙΚΙΑΖΕΤΑΙ 3άρι στο 5ο όροφο (ρετιρέ), οδός Μελισσινών 4 (Αγ. Τριάδα). Τηλ. 212.222 (E367)

ΕΝΟΙΚΙΑΖΟΝΤΑΙ 2 διαμερίσματα 3άρια και μια γκαρσονιέρα στη Γιόφυρο. Τηλ. 257730 (E349)

ΕΝΟΙΚΙΑΖΕΤΑΙ διαμέρισμα στην Παραλία 2 δωματίων, πάροδος 62 Μαρτύρων, Ελίρου 25. Τηλ. 254.994 (E-330)

ΕΝΟΙΚΙΑΖΕΤΑΙ μπουτίκ στο Αγ. Χερσονήσου. Τηλ. 0897/ 23.103 από 8-9 απόγευμα. (E-324)

ΕΝΟΙΚΙΑΖΕΤΑΙ διαμέρισμα 40τ.μ. ισόγειο στην οδό Βρουλλάων 80. Τηλ. 231.004 μετά τις 3μμ. 237.089, 01/ 8570.801, 210.017 από 8π.μ.-3μμ. (E324)

ΕΝΟΙΚΙΑΖΕΤΑΙ 6άρι γυναικός με πρόσοψη σε πλατεία στην θέρμανση. Τιμή 60.000 δρχ. Πληροφ. 0831/25572 και 28280 ή 0892/41268. (E-329)

ΕΝΟΙΚΙΑΖΕΤΑΙ ημιυπόγειος γκαρσονιέρα με μεγάλη βεράντα. Στο κέντρο της Θέρμης 80.000 δρχ. Πληροφ. τηλ. 225.707 - 287.720 (E384)

ΕΝΟΙΚΙΑΖΟΝΤΑΙ γκαρσονιέρες στο κέντρο του Ηρακλείου με πλήρη θέρμανση, κουζινάκι, τηλεφώνου, εντελώς πρόχειρα. Τηλ. 253.247 (E385)

ΕΝΟΙΚΙΑΖΕΤΑΙ κατάστημα 51τ.μ. με πρόσοψη στην οδό Θεοτοκοπούλου 25. Τηλ. 286.842 (E382)

ΕΝΟΙΚΙΑΖΕΤΑΙ δωμάτιο επιπλωμένο στη Χερσόνησο σε πολλές δυνατότητες. Πληρ. τηλ. 252.524 (E384)

ΓΚΑΡΣΟΝΙΕΡΕΣ στη Χανιώτισσα Ε. ΕΝΟΙΚΙΑΖΟΝΤΑΙ στην παραλία και για ένα χρόνο. Ήσυχο περιβάλλον ηλικιωμένη εξαιρετικώς. Προσφέρεται για ζευγάρια ή για φοιτητές. Έχουμε δικλίνες και μονόκλινες επίσης. Τηλ. 257981 (E-387)

ΕΝΟΙΚΙΑΖΕΤΑΙ επιπλωμένο διαμέρισμα ΜΕΓΑΛΟ 2 δωματίων, κουζίνα, 2 κεντρικής θέρμανσης, τηλ. 21 Μονή, με σεχισμένο Ντονόνια. Τηλ. 223.233 (E-233)

ΕΝΟΙΚΙΑΖΕΤΑΙ επιπλωμένο μονόχωρο διαμέρισμα με ημιυπόγειο κουζίνα, τζάκια, θέρμανση. Πληρ. τηλ. 226.028 (E-209)

ΕΝΟΙΚΙΑΖΕΤΑΙ καινούργιο ρετιρέ 3 δωματίων με θέα και πεντάκις στην οδό 1821 αριθμ. 41 εκτός 15.000 δρχ. μηνιαίως. Τηλ. 223.015 (E-296)

ΕΝΟΙΚΙΑΖΕΤΑΙ πάνω ρετιρέ γκαρσονιέρα 60 τ.μ. σε κεντρικό σημείο. Πληρ. τηλ. 244.770 (E-350)

ΕΝΟΙΚΙΑΖΕΤΑΙ επιπλωμένο διαμέρισμα με κουζίνα και παράθυρο, πλήρη θέρμανση και κεντρική θέρμανση. Τηλ. 235.777 (E-341)

ΕΝΟΙΚΙΑΖΕΤΑΙ στον 1ο όροφο 2 δωμάτια 3 με υπνοδωμάτια σε κεντρικό σημείο. Τηλ. 260.857 (E-343)

ΕΝΟΙΚΙΑΖΕΤΑΙ άριστα επιπλωμένο διαμέρισμα στην Παραλία Ηρακλείου, πάροδος 26 Αυγούστου. Τηλ. 250.130 (E-344)

ΕΝΟΙΚΙΑΖΕΤΑΙ κατάστημα 2 δωμάτια σε πολυκατοικία στην Πλατεία Ελευθερίας. Τηλ. 281.008 (E-345)

ΕΝΟΙΚΙΑΖΕΤΑΙ γκαρσονιέρα επιπλωμένη, σε κεντρικό σημείο, με παράθυρο. Πληρ. τηλ. 282.480 (E-346)

ΕΝΟΙΚΙΑΖΕΤΑΙ επιχείρηση με δικό της κατάστημα στην Πλατεία Κορνάρου. Τηλ. 256.020 (E-351)

ΕΝΟΙΚΙΑΖΕΤΑΙ διαμέρισμα 2 δωματίων στην Αμμουδάρα, κοντά στη θάλασσα. Τηλ. 236.710 (E-352)

ΕΝΟΙΚΙΑΖΕΤΑΙ διαμέρισμα 3 δωματίων στο Μασταμπά με θέρμανση. Τηλ. 287.630 (E-353)

ΕΝΟΙΚΙΑΖΟΝΤΑΙ στο Ηράκλειο γραφεία 40τ.μ. με τηλέφωνο, σε κεντρικό σημείο. Τηλ. 281.530 (E-354)

ΕΝΟΙΚΙΑΖΕΤΑΙ μονοκατοικία με κήπο στις Γούβες, κοντά στη θάλασσα. Πληρ. τηλ. 287.222 (E-355)

ΕΝΟΙΚΙΑΖΕΤΑΙ στην Πλ. Ελευθερίας κατάστημα με πατάρι και υπόγειο. Τηλ. 281.020 (E-356)

ΕΝΟΙΚΙΑΖΕΤΑΙ κατάστημα 50τ.μ. στο Αγ. Κάλλαμος κοντά στην Κορνάρου. Τιμή 15.000 το μήνα. Τηλ. 256.356 (E-379)

ΕΝΟΙΚΙΑΖΕΤΑΙ 2άρι και γκαρσονιέρα ... Λυσσού 10, 62 Μαρτύρων. Τηλ. 257.281 (E-380)

ΕΝΟΙΚΙΑΖΟΝΤΑΙ 2 Γραφεία σε υπό ο γκαρσονιέρα στην οδό Μ. Ο-δηγητρίας 22 (Νεοχωρίτου). Τηλ. 01/ 6715775 από 6.30-7.30μμ. (E238)

ΠΩΛΕΙΤΑΙ : ΠΩΛΕΙΤΑΙ οικία 260τ.μ. με θέρμανση INFRAWAT, κατάλληλη για επαγγελματική στέγη, Ευρώπης 8 (Αγ. Τίτος). Πληρ. τηλ. 01/ 65.26.877, 01/ 68.32.264 (E240)

ΠΩΛΕΙΤΑΙ ή ΕΝΟΙΚΙΑΖΕΤΑΙ συνεταιρος για σοβαρή επιχείρηση Ταβέρνα-Μπαρ σε Τουριστική περιοχή. Πελατεία-εξασφαλισμένη. Πληρ. τηλ. 761.064 από 1-3μμ. (E-266)

ΠΩΛΕΙΤΑΙ συνεργείο αυτοκινήτων με πλήρη εξοπλισμό εργαλείων έναντι 80.000 το μήνα. Περιοχή Πατέλες. Τηλ. 236.559 (E354)

ΕΝΟΙΚΙΑΖΕΤΑΙ για επαγγελματική στέγη κοντά γιατρού 150τ.μ. επί της Λ. Θερίσσου 40, όροφος 2ος. Τηλ. 257.281 (E-370)

ΕΝΟΙΚΙΑΖΕΤΑΙ γκαρσονιέρα με κεντρική θέρμανση στην οδό Αγ. Μεταξένη 42 Ατσαλένιο. Πληρ. τηλ. 231.256 (E-284)

ΕΝΟΙΚΙΑΖΟΝΤΑΙ γκαρσονιέρες επιπλωμένες, πάροδος Ραδιοφωνικού Σταθμού Ηρακλείου. Τηλ. 222.556 ώρες εργασίας 258.715 οικίας. (E-203)

ΕΝΟΙΚΙΑΖΕΤΑΙ επιπλωμένο διαμέρισμα 2 δωματίων με κουζίνα και τηλέφωνο για φοιτητές (αγόρια). Τηλ. 281480. (E-242)

ΕΝΟΙΚΙΑΖΕΤΑΙ 3άρι στις Μεσαμπελιές κοντά στο Βενιζέλειο. Τηλ. 234.592 (E-235)

ΕΝΟΙΚΙΑΖΕΤΑΙ σε περιοχή λουτέ, με μεγάλη σαλοτραπεζαρία, 3 υπνοδωμάτια, μπάνιο, κουζινοτραπεζαρία, βοηθητικό χώρο για αποθήκη 14τ.μ. αποκλειστικά ιδιοκτήτες. Τηλ. 226.342 Πληρ. τηλ. 224.234 (E-265)

ΕΝΟΙΚΙΑΖΟΝΤΑΙ κατάστημα 70τ.μ. με πλήρη εξοπλισμό επί της οδού ΚΑΤΕΕ. Τηλ. 253.749 - 861.209 (E188)

ΕΝΟΙΚΙΑΖΕΤΑΙ επιπλωμένη γκαρσονιέρα 22τ.μ. στην Πόρο. Πληρ. Τηλ. 282.870 (E-254)

ΕΝΟΙΚΙΑΖΕΤΑΙ επιπλωμένο διαμέρισμα με θέρμανση. Πληρ. τηλ. Δίβα Μαρία 236560.

ΕΝΟΙΚΙΑΖΕΤΑΙ διαμέρισμα 2 δωματίων και για φοιτητάς και κατοικίας στην Κτισμούλα. Τηλ. 238.618 (E-304)

ΔΙΑΦΟΡΑ ΔΙΠΛΩΜΑΤΟΥΧΟΣ ΑΙΣΘΗΤΙΚΟΣ ΣΧΟΛΗΣ ΑΡΙΕΤΤΕ ΑΘΗΝΩΝ ΑΝΑΛΑΜΒΑΝΕΙ Αδυνάτισμα, μασάζ, θεραπεία προσώπου, τεχνικές, καθαρισμό, χαλαρωσι. Μόνο με ραντεβού. Τηλ. 255.400 - 259.245 Φώτιου Παπαδάκη. (Δ761)

ΝΤΕΤΕΚΤΙΒ (Ειδικευμένο) Γραφείο Ερευνών «ΔΙΕΝΕΣ» Έρευνες, παρακολουθήσεις, κλοπές, διαζύγια, μυστικά, θέματα οικογενειακά, εκτεταμένη έρευνα, βιντεοσκοπήσεις, φωτογραφήσεις, μαγνητοφωνήσεις, πλήρη εμπιστοσύνη Εμπιστευτικές Αναλαμβάνουμε υποθέσεις σε όλη την Ελλάδα εξωτερικό. Τηλ. 241.522 Πλ. Κορνάρου 37 (Βαλιέ Τζαμί). Ηράκλειο Κρήτης. (Δ604)

Σου που θα με δίνες στο φοιτητή μου, ποιο θα με μεταφέρεις «ΡΙ-ΚΟ» και τηλεφώνησε στο Αριστοτέλειο. Τηλ. 243.186. Είμαι ένα ΚΟΛΕΥ (ΛΑΣΣΥ) πο τηλεφωνείς για τον συνεργάτη, αγαπάζονια. (Δ764)

ΦΩΤΟ ΒΙΟΛΕΤΑ ΝΥΦΙΚΑ-ΜΠΟΜΠΟΝΙΕΡΕΣ-ΔΩΡΑ-ΚΟΥΜΠΑΡΟΥ-ΚΑΛΛΙΤΕΧΝ. ΦΩΤΟΓΡ.-ΒΙΝΤΕΟΣΚΟΠΗΣΕΙΣ Λεωφ. Καλοκαιρινού 180 Τηλ. 241.622 (Δ763)

ΜΑΘΗΜΑΤΑ ΦΥΣΙΚΟΣ με φροντιστήριο ΔΙΔΑΣΚΕΙ φυσική, χημεία, μαθηματικά σε μαθητές Γυμνασίου, Λυκείου. Τηλ. 771.042 (Μ301)

ΚΑΘΗΓΗΤΗΣ Αγγλικής Φιλολογίας Αμερικανικό Πανεπιστήμιο παραδίδει μαθήματα κατ' οίκον ή σε Φροντιστήριο Αγγλικής γλώσσας. Πληρ. τηλ. 233.486 (Μ-300)

ΑΠΟΦΟΙΤΗ Παιδαγωγικής Ακαδημίας παραδίδει μαθήματα σε όλες τις τάξεις του Δημοτικού. Πληροφ. τηλ. 241.793 ώρες καταστημάτων. (Μ-297)

ΠΤΥΧΙΟΥΧΟΣ Μαθηματικός παραδίδει μαθήματα φυσικής και χημείας σε μαθητές Γυμνασίου, Λυκείου. Πληρ. τηλ. 238.486. (Μ299)

ΔΙΑΦΟΡΑ
ΜΑΘΗΜΑΤΑ
